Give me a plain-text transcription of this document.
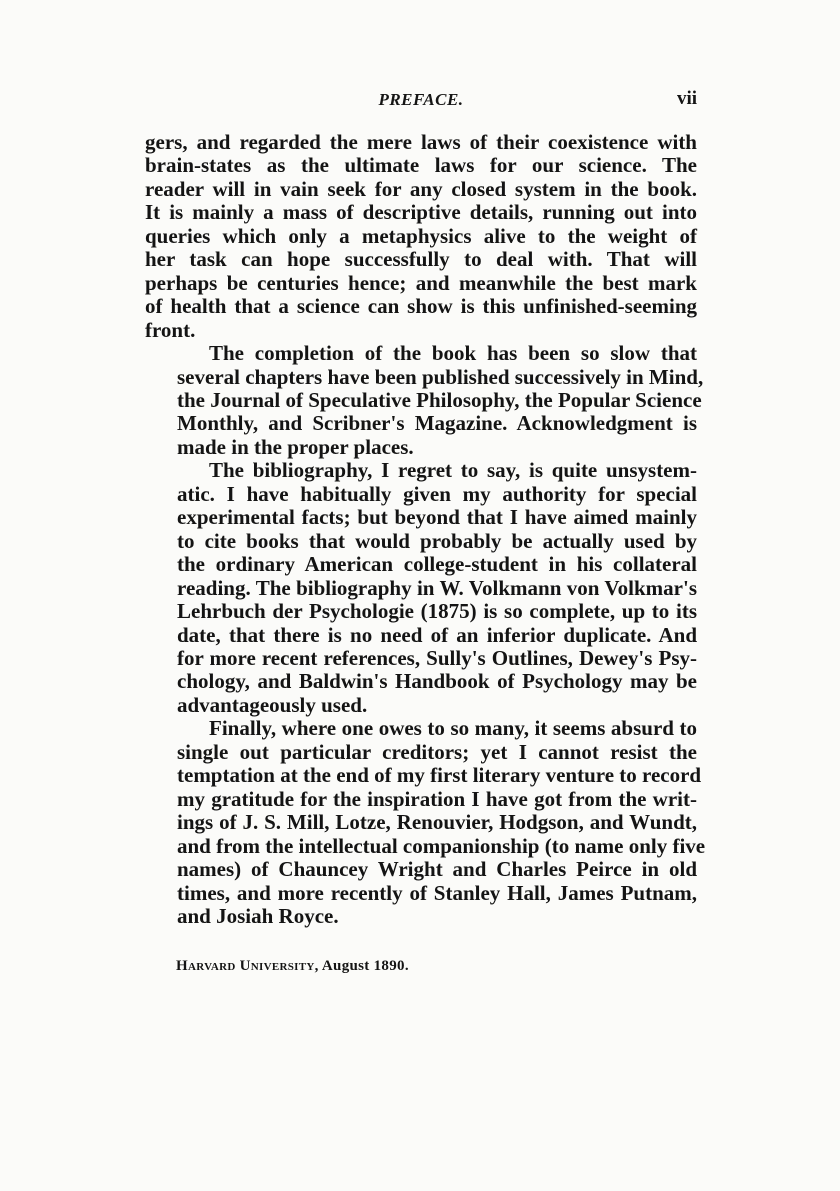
PREFACE.	vii
gers, and regarded the mere laws of their coexistence with
brain-states as the ultimate laws for our science. The
reader will in vain seek for any closed system in the book.
It is mainly a mass of descriptive details, running out into
queries which only a metaphysics alive to the weight of
her task can hope successfully to deal with. That will
perhaps be centuries hence; and meanwhile the best mark
of health that a science can show is this unfinished-seeming
front.
The completion of the book has been so slow that
several chapters have been published successively in Mind,
the Journal of Speculative Philosophy, the Popular Science
Monthly, and Scribner's Magazine. Acknowledgment is
made in the proper places.
The bibliography, I regret to say, is quite unsystem-
atic. I have habitually given my authority for special
experimental facts; but beyond that I have aimed mainly
to cite books that would probably be actually used by
the ordinary American college-student in his collateral
reading. The bibliography in W. Volkmann von Volkmar's
Lehrbuch der Psychologie (1875) is so complete, up to its
date, that there is no need of an inferior duplicate. And
for more recent references, Sully's Outlines, Dewey's Psy-
chology, and Baldwin's Handbook of Psychology may be
advantageously used.
Finally, where one owes to so many, it seems absurd to
single out particular creditors; yet I cannot resist the
temptation at the end of my first literary venture to record
my gratitude for the inspiration I have got from the writ-
ings of J. S. Mill, Lotze, Renouvier, Hodgson, and Wundt,
and from the intellectual companionship (to name only five
names) of Chauncey Wright and Charles Peirce in old
times, and more recently of Stanley Hall, James Putnam,
and Josiah Royce.
Harvard University, August 1890.
